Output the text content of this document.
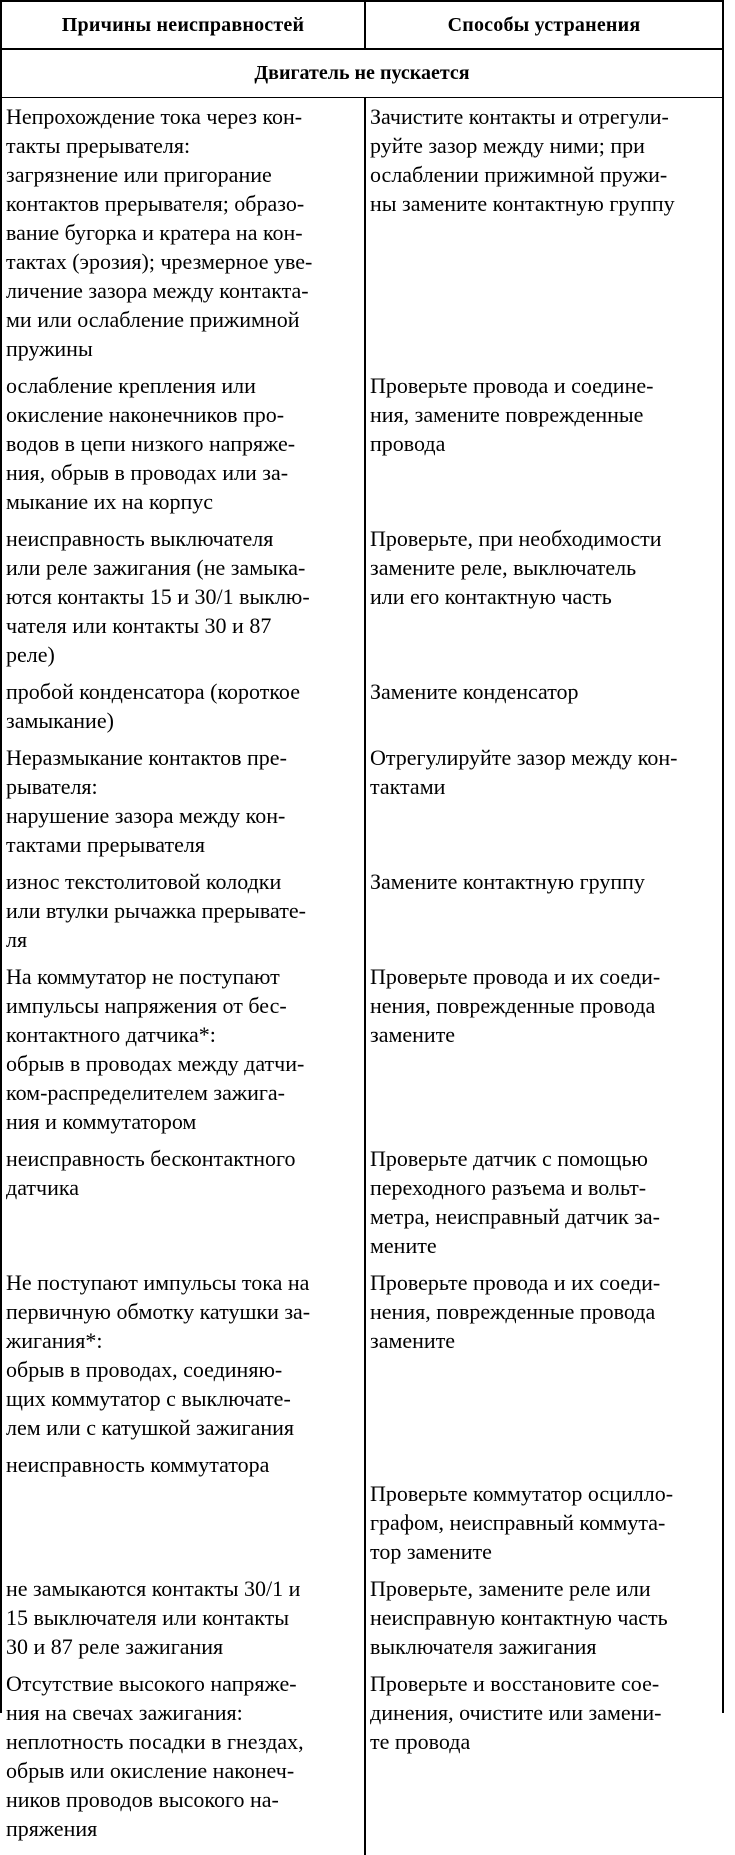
Причины неисправностей	Способы устранения
Двигатель не пускается
Непрохождение тока через кон-
такты прерывателя:
загрязнение или пригорание
контактов прерывателя; образо-
вание бугорка и кратера на кон-
тактах (эрозия); чрезмерное уве-
личение зазора между контакта-
ми или ослабление прижимной
пружины
Зачистите контакты и отрегули-
руйте зазор между ними; при
ослаблении прижимной пружи-
ны замените контактную группу
ослабление крепления или
окисление наконечников про-
водов в цепи низкого напряже-
ния, обрыв в проводах или за-
мыкание их на корпус
Проверьте провода и соедине-
ния, замените поврежденные
провода
неисправность выключателя
или реле зажигания (не замыка-
ются контакты 15 и 30/1 выклю-
чателя или контакты 30 и 87
реле)
Проверьте, при необходимости
замените реле, выключатель
или его контактную часть
пробой конденсатора (короткое
замыкание)
Замените конденсатор
Неразмыкание контактов пре-
рывателя:
нарушение зазора между кон-
тактами прерывателя
Отрегулируйте зазор между кон-
тактами
износ текстолитовой колодки
или втулки рычажка прерывате-
ля
Замените контактную группу
На коммутатор не поступают
импульсы напряжения от бес-
контактного датчика*:
обрыв в проводах между датчи-
ком-распределителем зажига-
ния и коммутатором
Проверьте провода и их соеди-
нения, поврежденные провода
замените
неисправность бесконтактного
датчика
Проверьте датчик с помощью
переходного разъема и вольт-
метра, неисправный датчик за-
мените
Не поступают импульсы тока на
первичную обмотку катушки за-
жигания*:
обрыв в проводах, соединяю-
щих коммутатор с выключате-
лем или с катушкой зажигания
Проверьте провода и их соеди-
нения, поврежденные провода
замените
неисправность коммутатора

Проверьте коммутатор осцилло-
графом, неисправный коммута-
тор замените
не замыкаются контакты 30/1 и
15 выключателя или контакты
30 и 87 реле зажигания
Проверьте, замените реле или
неисправную контактную часть
выключателя зажигания
Отсутствие высокого напряже-
ния на свечах зажигания:
неплотность посадки в гнездах,
обрыв или окисление наконеч-
ников проводов высокого на-
пряжения
Проверьте и восстановите сое-
динения, очистите или замени-
те провода
